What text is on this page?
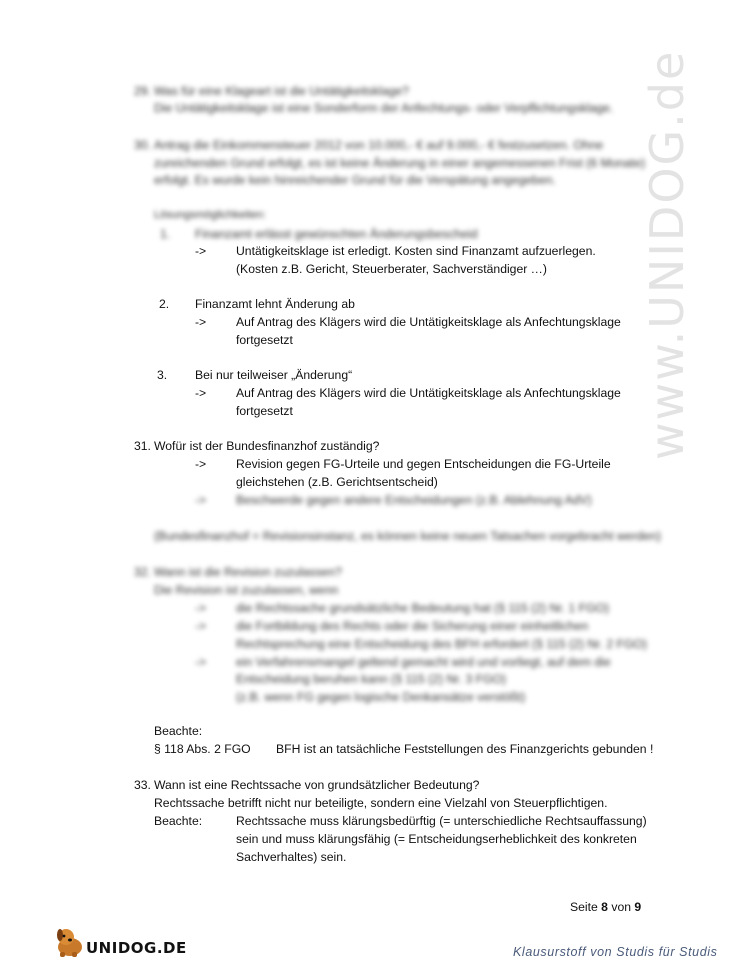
www.UNIDOG.de
29. Was für eine Klageart ist die Untätigkeitsklage?
Die Untätigkeitsklage ist eine Sonderform der Anfechtungs- oder Verpflichtungsklage.
30. Antrag die Einkommensteuer 2012 von 10.000,- € auf 9.000,- € festzusetzen. Ohne
zureichenden Grund erfolgt, es ist keine Änderung in einer angemessenen Frist (6 Monate)
erfolgt. Es wurde kein hinreichender Grund für die Verspätung angegeben.
Lösungsmöglichkeiten:
1. Finanzamt erlässt gewünschten Änderungsbescheid
-> Untätigkeitsklage ist erledigt. Kosten sind Finanzamt aufzuerlegen.
(Kosten z.B. Gericht, Steuerberater, Sachverständiger …)
2. Finanzamt lehnt Änderung ab
-> Auf Antrag des Klägers wird die Untätigkeitsklage als Anfechtungsklage
fortgesetzt
3. Bei nur teilweiser „Änderung“
-> Auf Antrag des Klägers wird die Untätigkeitsklage als Anfechtungsklage
fortgesetzt
31. Wofür ist der Bundesfinanzhof zuständig?
-> Revision gegen FG-Urteile und gegen Entscheidungen die FG-Urteile
gleichstehen (z.B. Gerichtsentscheid)
-> Beschwerde gegen andere Entscheidungen (z.B. Ablehnung AdV)
(Bundesfinanzhof = Revisionsinstanz, es können keine neuen Tatsachen vorgebracht werden)
32. Wann ist die Revision zuzulassen?
Die Revision ist zuzulassen, wenn
-> die Rechtssache grundsätzliche Bedeutung hat (§ 115 (2) Nr. 1 FGO)
-> die Fortbildung des Rechts oder die Sicherung einer einheitlichen
Rechtsprechung eine Entscheidung des BFH erfordert (§ 115 (2) Nr. 2 FGO)
-> ein Verfahrensmangel geltend gemacht wird und vorliegt, auf dem die
Entscheidung beruhen kann (§ 115 (2) Nr. 3 FGO)
(z.B. wenn FG gegen logische Denkansätze verstößt)
Beachte:
§ 118 Abs. 2 FGO BFH ist an tatsächliche Feststellungen des Finanzgerichts gebunden !
33. Wann ist eine Rechtssache von grundsätzlicher Bedeutung?
Rechtssache betrifft nicht nur beteiligte, sondern eine Vielzahl von Steuerpflichtigen.
Beachte:	Rechtssache muss klärungsbedürftig (= unterschiedliche Rechtsauffassung)
sein und muss klärungsfähig (= Entscheidungserheblichkeit des konkreten
Sachverhaltes) sein.
Seite 8 von 9
UNIDOG.DE	Klausurstoff von Studis für Studis
